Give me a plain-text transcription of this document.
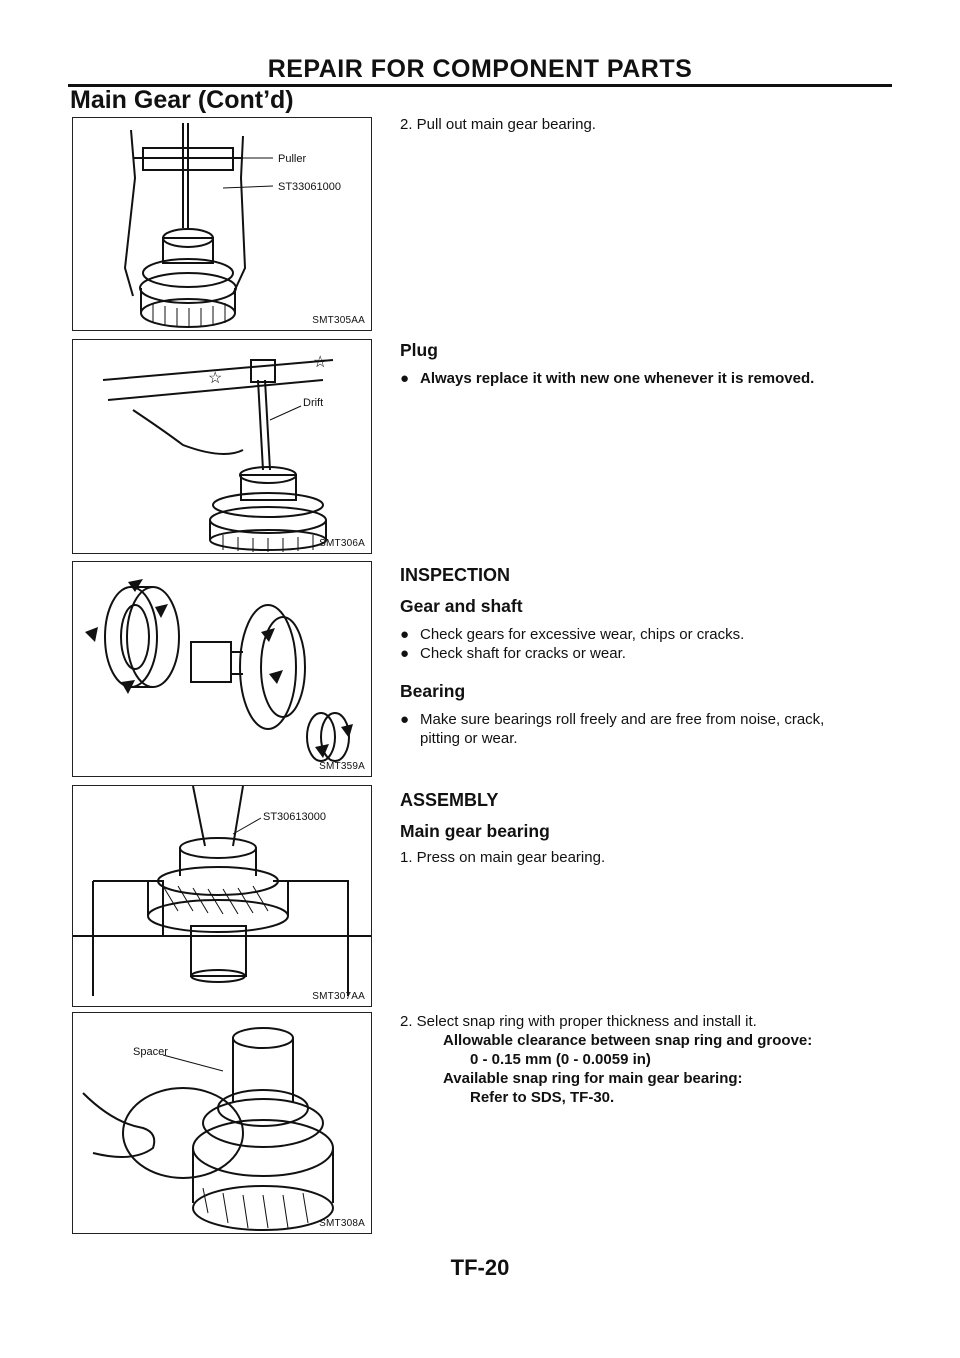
REPAIR FOR COMPONENT PARTS
Main Gear (Cont’d)
Puller
ST33061000
SMT305AA

2. Pull out main gear bearing.

☆
☆
Drift
SMT306A

Plug

● Always replace it with new one whenever it is removed.
SMT359A

INSPECTION

Gear and shaft

● Check gears for excessive wear, chips or cracks.
● Check shaft for cracks or wear.

Bearing

● Make sure bearings roll freely and are free from noise, crack,
pitting or wear.
ST30613000
SMT307AA

ASSEMBLY

Main gear bearing

1. Press on main gear bearing.

Spacer
SMT308A

2. Select snap ring with proper thickness and install it.

Allowable clearance between snap ring and groove:
0 - 0.15 mm (0 - 0.0059 in)
Available snap ring for main gear bearing:
Refer to SDS, TF-30.
TF-20
